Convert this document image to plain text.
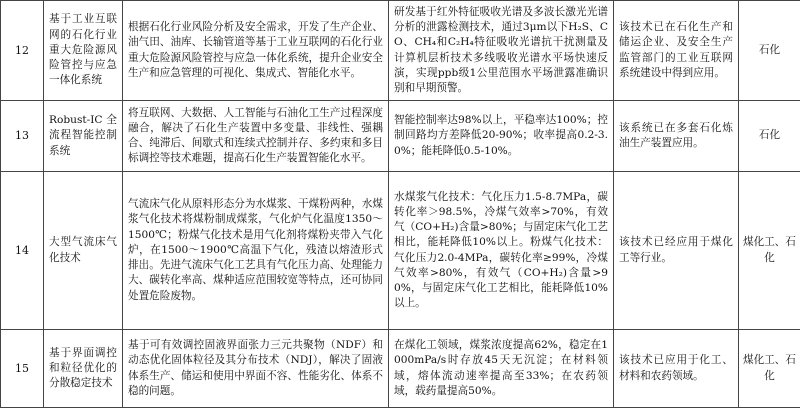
12	基于工业互联网的石化行业重大危险源风险管控与应急一体化系统	根据石化行业风险分析及安全需求，开发了生产企业、油气田、油库、长输管道等基于工业互联网的石化行业重大危险源风险管控与应急一体化系统，提升企业安全生产和应急管理的可视化、集成式、智能化水平。	研发基于红外特征吸收光谱及多波长激光光谱分析的泄露检测技术，通过3μm以下H₂S、CO、CH₄和C₂H₄特征吸收光谱抗干扰测量及计算机层析技术多线吸收光谱水平场快速反演，实现ppb级1公里范围水平场泄露准确识别和早期预警。	该技术已在石化生产和储运企业、及安全生产监管部门的工业互联网系统建设中得到应用。	石化
13	Robust-IC 全流程智能控制系统	将互联网、大数据、人工智能与石油化工生产过程深度融合，解决了石化生产装置中多变量、非线性、强耦合、纯滞后、间歇式和连续式控制并存、多约束和多目标调控等技术难题，提高石化生产装置智能化水平。	智能控制率达98%以上，平稳率达100%；控制回路均方差降低20-90%；收率提高0.2-3.0%；能耗降低0.5-10%。	该系统已在多套石化炼油生产装置应用。	石化
14	大型气流床气化技术	气流床气化从原料形态分为水煤浆、干煤粉两种，水煤浆气化技术将煤粉制成煤浆，气化炉气化温度1350～1500℃；粉煤气化技术是用气化剂将煤粉夹带入气化炉，在1500～1900℃高温下气化，残渣以熔渣形式排出。先进气流床气化工艺具有气化压力高、处理能力大、碳转化率高、煤种适应范围较宽等特点，还可协同处置危险废物。	水煤浆气化技术：气化压力1.5-8.7MPa，碳转化率＞98.5%，冷煤气效率>70%，有效气（CO+H₂)含量>80%；与固定床气化工艺相比，能耗降低10%以上。粉煤气化技术：气化压力2.0-4MPa，碳转化率≥99%，冷煤气效率>80%，有效气（CO+H₂)含量>90%，与固定床气化工艺相比，能耗降低10%以上。	该技术已经应用于煤化工等行业。	煤化工、石化
15	基于界面调控和粒径优化的分散稳定技术	基于可有效调控固液界面张力三元共聚物（NDF）和动态优化固体粒径及其分布技术（NDJ），解决了固液体系生产、储运和使用中界面不容、性能劣化、体系不稳的问题。	在煤化工领域，煤浆浓度提高62%，稳定在1000mPa/s时存放45天无沉淀；在材料领域，熔体流动速率提高至33%；在农药领域，载药量提高50%。	该技术已应用于化工、材料和农药领域。	煤化工、石化
